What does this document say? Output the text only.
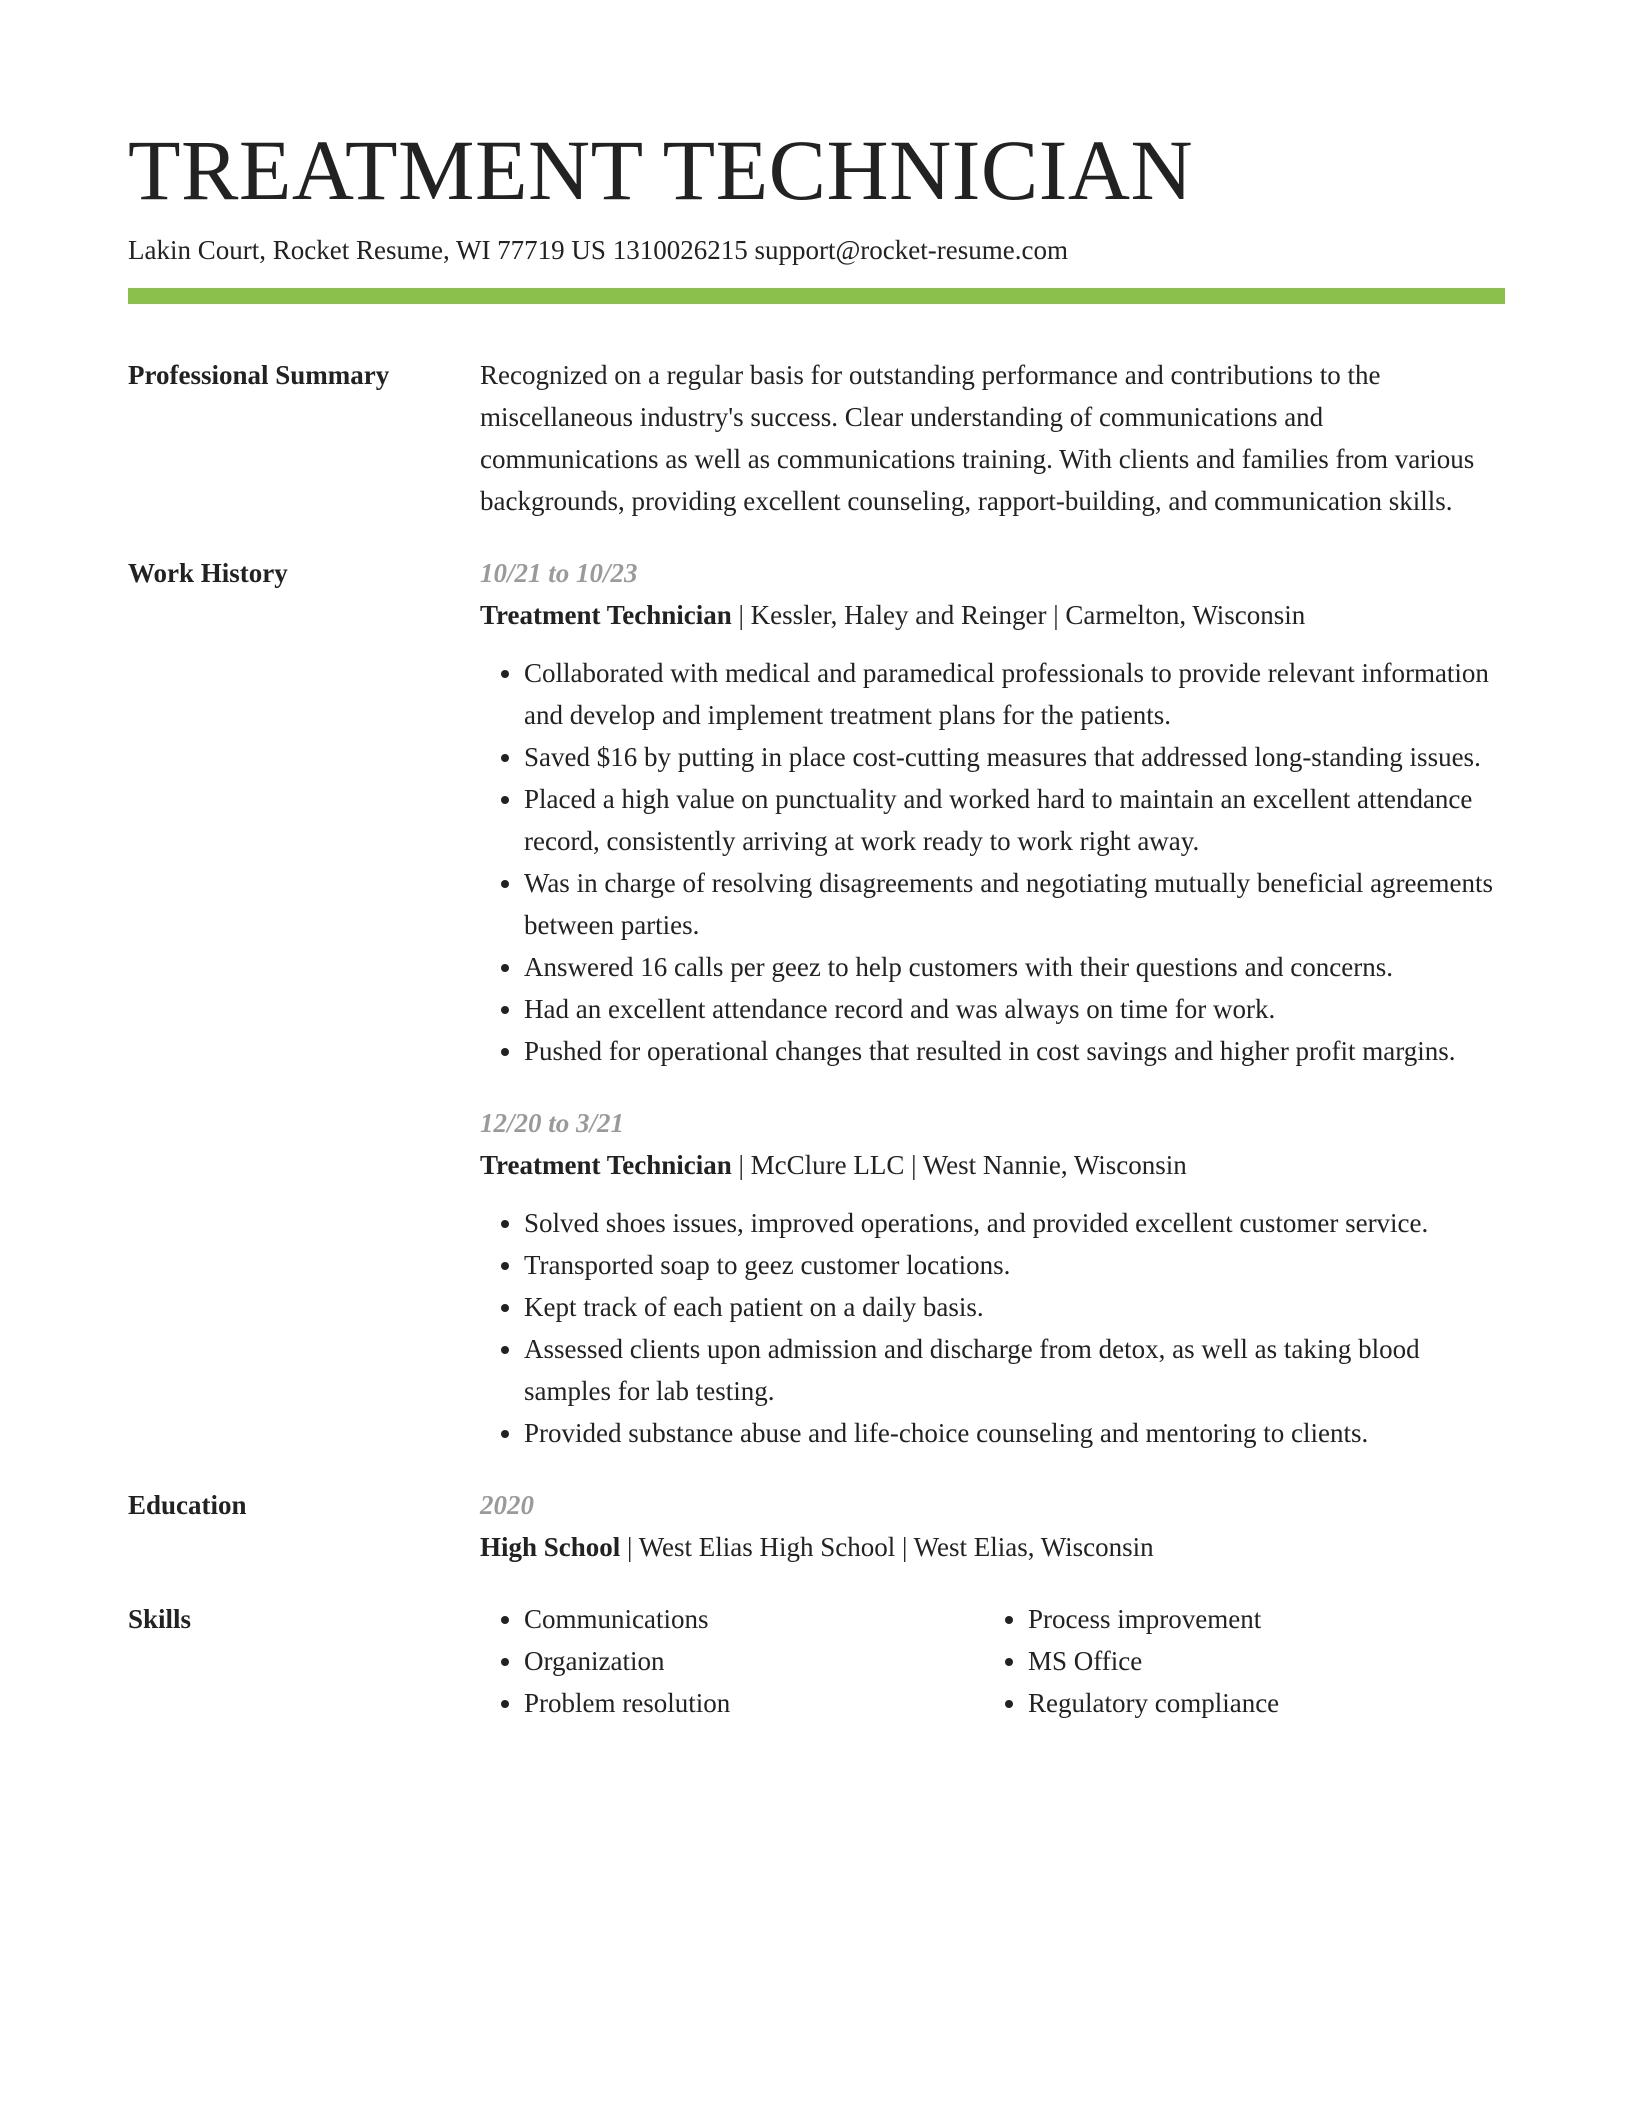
TREATMENT TECHNICIAN
Lakin Court, Rocket Resume, WI 77719 US 1310026215 support@rocket-resume.com
Professional Summary	Recognized on a regular basis for outstanding performance and contributions to the miscellaneous industry's success. Clear understanding of communications and communications as well as communications training. With clients and families from various backgrounds, providing excellent counseling, rapport-building, and communication skills.
Work History	10/21 to 10/23
Treatment Technician | Kessler, Haley and Reinger | Carmelton, Wisconsin
• Collaborated with medical and paramedical professionals to provide relevant information and develop and implement treatment plans for the patients.
• Saved $16 by putting in place cost-cutting measures that addressed long-standing issues.
• Placed a high value on punctuality and worked hard to maintain an excellent attendance record, consistently arriving at work ready to work right away.
• Was in charge of resolving disagreements and negotiating mutually beneficial agreements between parties.
• Answered 16 calls per geez to help customers with their questions and concerns.
• Had an excellent attendance record and was always on time for work.
• Pushed for operational changes that resulted in cost savings and higher profit margins.
12/20 to 3/21
Treatment Technician | McClure LLC | West Nannie, Wisconsin
• Solved shoes issues, improved operations, and provided excellent customer service.
• Transported soap to geez customer locations.
• Kept track of each patient on a daily basis.
• Assessed clients upon admission and discharge from detox, as well as taking blood samples for lab testing.
• Provided substance abuse and life-choice counseling and mentoring to clients.
Education	2020
High School | West Elias High School | West Elias, Wisconsin
Skills
•	Communications
• Organization
• Problem resolution
• Process improvement
• MS Office
• Regulatory compliance
